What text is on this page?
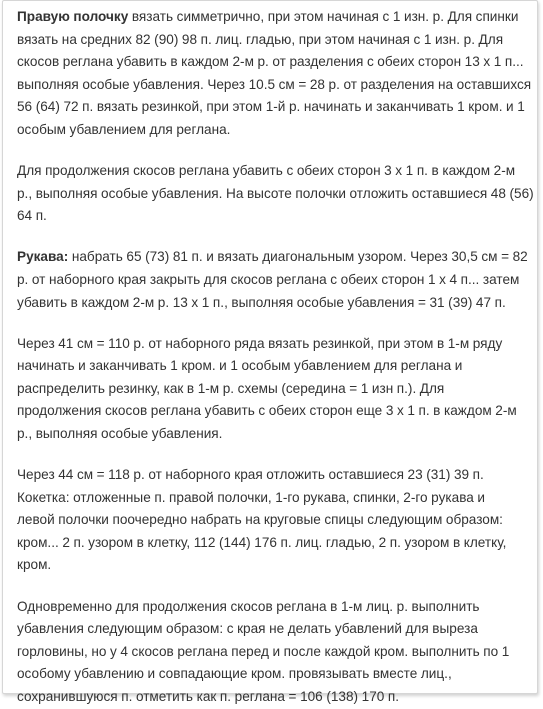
Правую полочку вязать симметрично, при этом начиная с 1 изн. р. Для спинки
вязать на средних 82 (90) 98 п. лиц. гладью, при этом начиная с 1 изн. р. Для
скосов реглана убавить в каждом 2-м р. от разделения с обеих сторон 13 х 1 п...
выполняя особые убавления. Через 10.5 см = 28 р. от разделения на оставшихся
56 (64) 72 п. вязать резинкой, при этом 1-й р. начинать и заканчивать 1 кром. и 1
особым убавлением для реглана.

Для продолжения скосов реглана убавить с обеих сторон 3 х 1 п. в каждом 2-м
р., выполняя особые убавления. На высоте полочки отложить оставшиеся 48 (56)
64 п.

Рукава: набрать 65 (73) 81 п. и вязать диагональным узором. Через 30,5 см = 82
р. от наборного края закрыть для скосов реглана с обеих сторон 1 х 4 п... затем
убавить в каждом 2-м р. 13 х 1 п., выполняя особые убавления = 31 (39) 47 п.

Через 41 см = 110 р. от наборного ряда вязать резинкой, при этом в 1-м ряду
начинать и заканчивать 1 кром. и 1 особым убавлением для реглана и
распределить резинку, как в 1-м р. схемы (середина = 1 изн п.). Для
продолжения скосов реглана убавить с обеих сторон еще 3 х 1 п. в каждом 2-м
р., выполняя особые убавления.

Через 44 см = 118 р. от наборного края отложить оставшиеся 23 (31) 39 п.
Кокетка: отложенные п. правой полочки, 1-го рукава, спинки, 2-го рукава и
левой полочки поочередно набрать на круговые спицы следующим образом:
кром... 2 п. узором в клетку, 112 (144) 176 п. лиц. гладью, 2 п. узором в клетку,
кром.

Одновременно для продолжения скосов реглана в 1-м лиц. р. выполнить
убавления следующим образом: с края не делать убавлений для выреза
горловины, но у 4 скосов реглана перед и после каждой кром. выполнить по 1
особому убавлению и совпадающие кром. провязывать вместе лиц.,
сохранившуюся п. отметить как п. реглана = 106 (138) 170 п.
